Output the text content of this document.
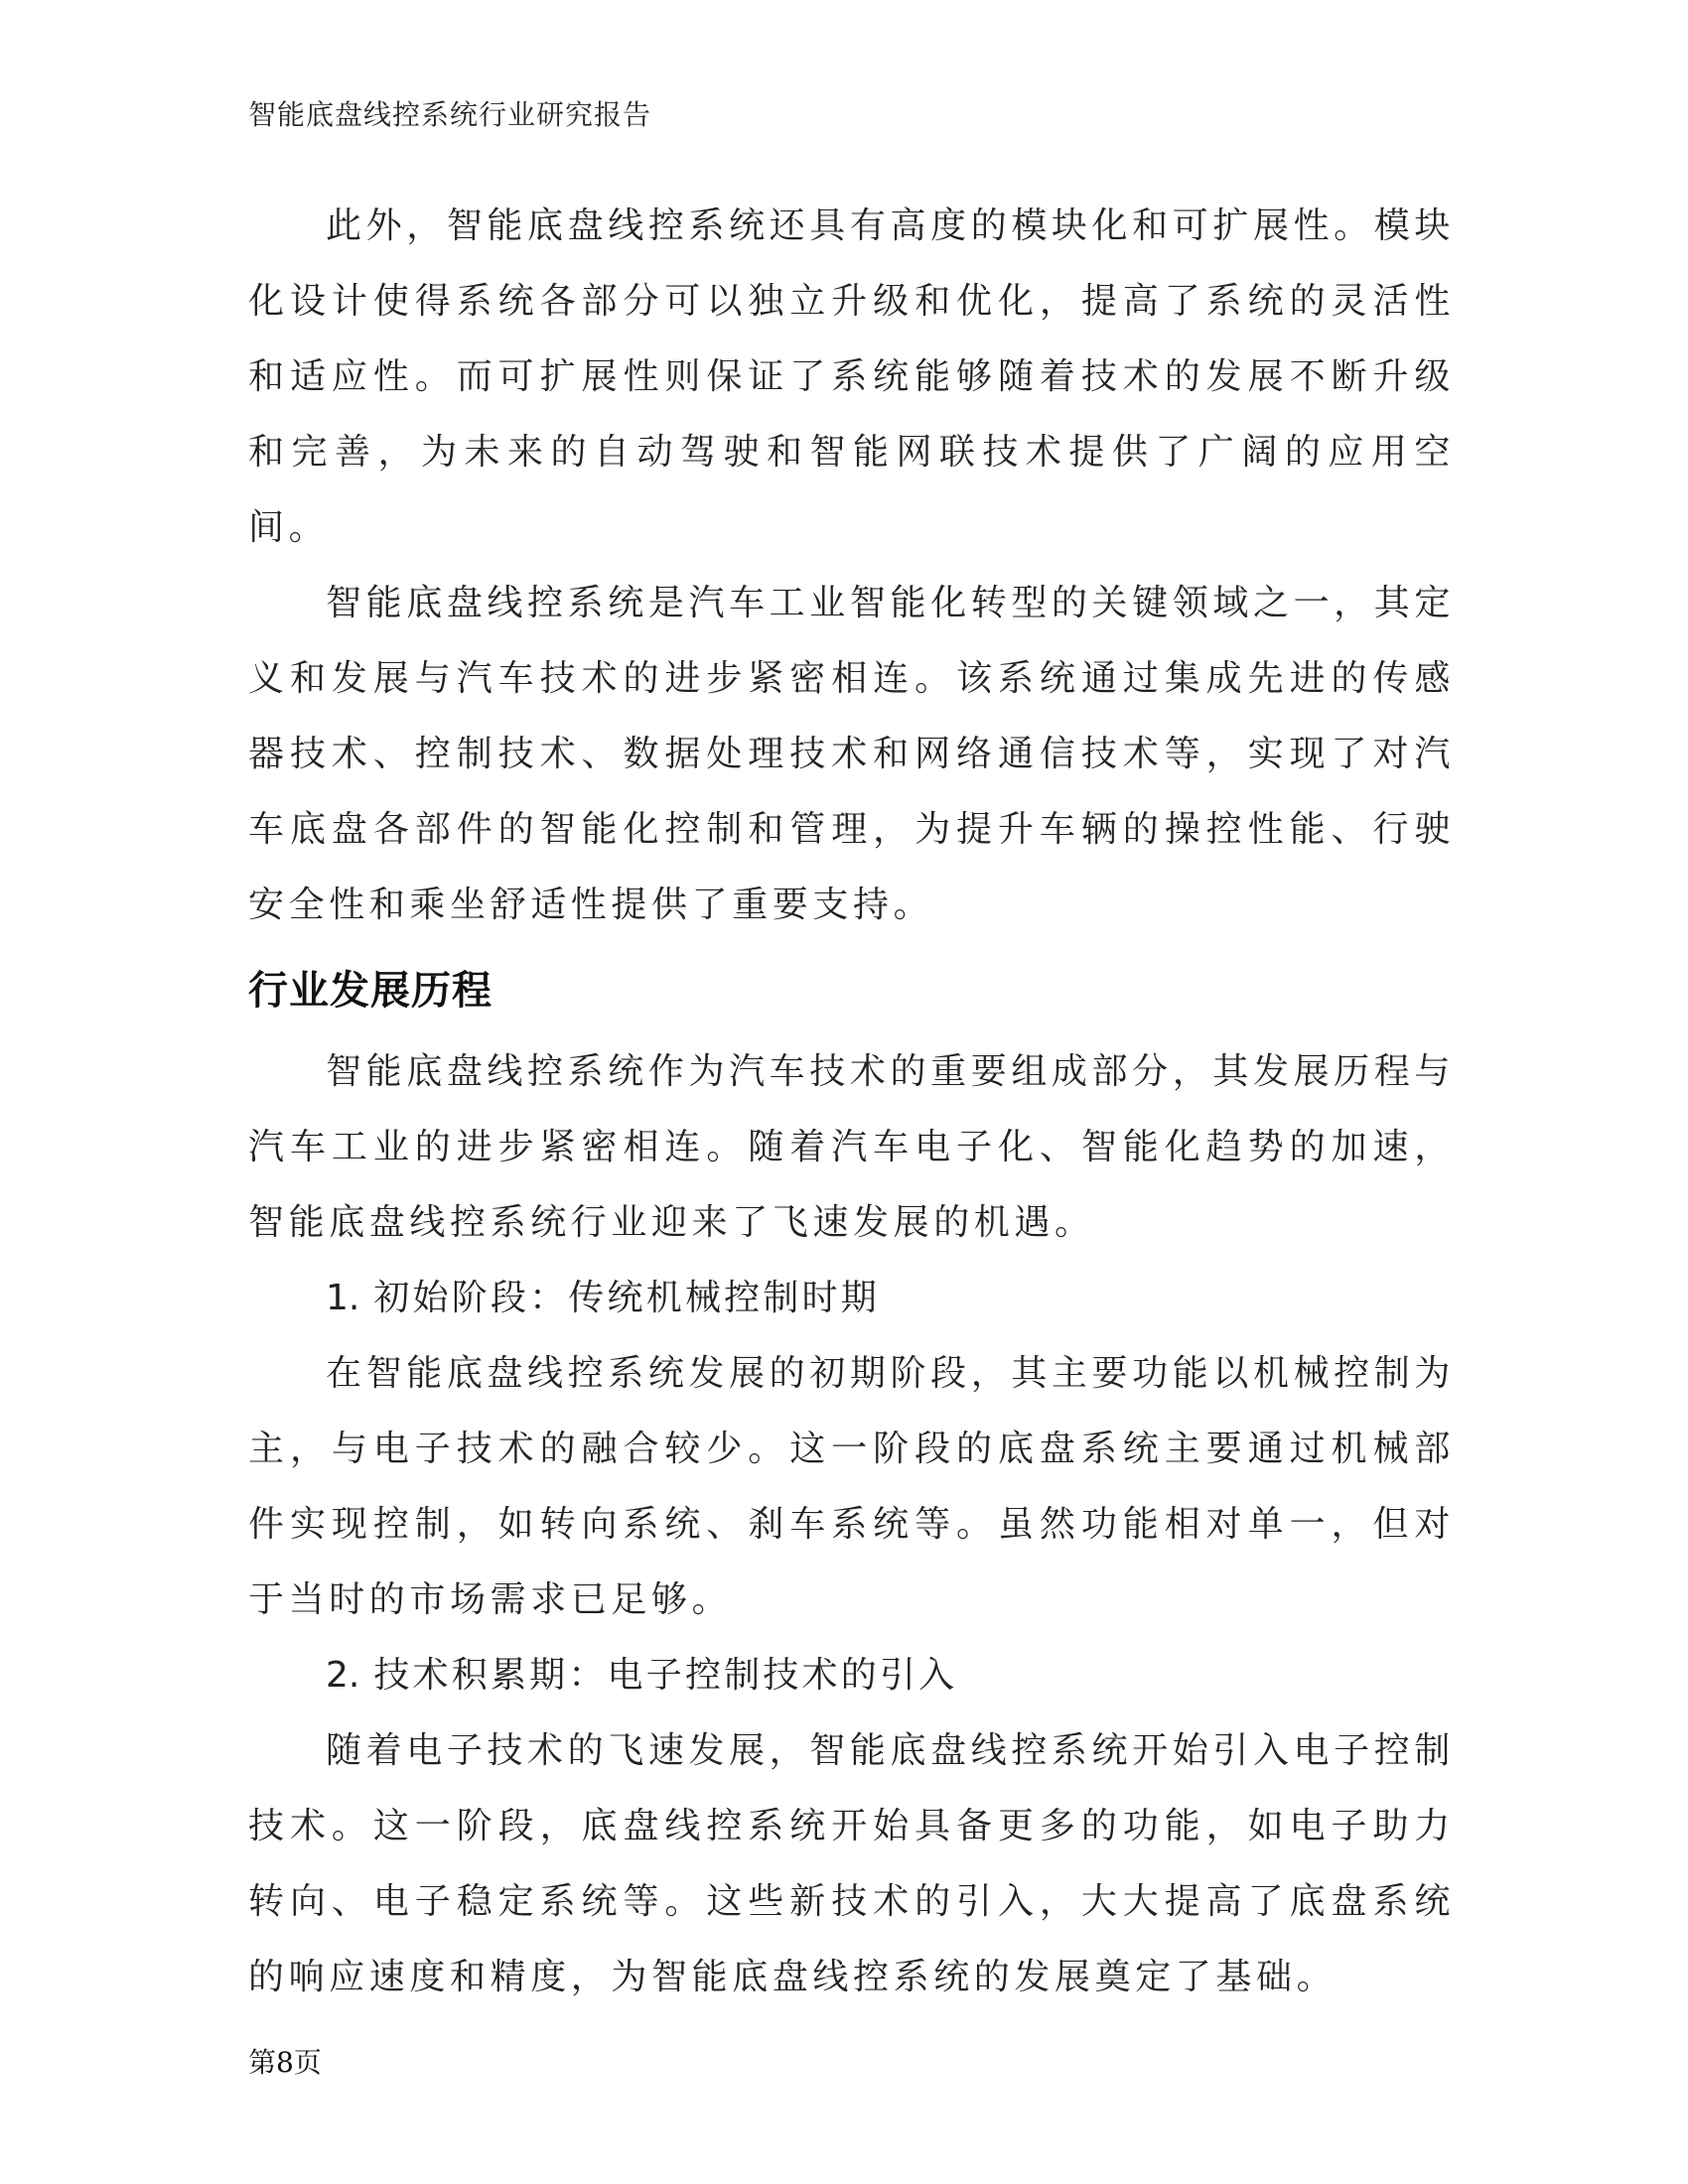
智能底盘线控系统行业研究报告

此外，智能底盘线控系统还具有高度的模块化和可扩展性。模块化设计使得系统各部分可以独立升级和优化，提高了系统的灵活性和适应性。而可扩展性则保证了系统能够随着技术的发展不断升级和完善，为未来的自动驾驶和智能网联技术提供了广阔的应用空间。

智能底盘线控系统是汽车工业智能化转型的关键领域之一，其定义和发展与汽车技术的进步紧密相连。该系统通过集成先进的传感器技术、控制技术、数据处理技术和网络通信技术等，实现了对汽车底盘各部件的智能化控制和管理，为提升车辆的操控性能、行驶安全性和乘坐舒适性提供了重要支持。

行业发展历程

智能底盘线控系统作为汽车技术的重要组成部分，其发展历程与汽车工业的进步紧密相连。随着汽车电子化、智能化趋势的加速，智能底盘线控系统行业迎来了飞速发展的机遇。

1. 初始阶段：传统机械控制时期

在智能底盘线控系统发展的初期阶段，其主要功能以机械控制为主，与电子技术的融合较少。这一阶段的底盘系统主要通过机械部件实现控制，如转向系统、刹车系统等。虽然功能相对单一，但对于当时的市场需求已足够。

2. 技术积累期：电子控制技术的引入

随着电子技术的飞速发展，智能底盘线控系统开始引入电子控制技术。这一阶段，底盘线控系统开始具备更多的功能，如电子助力转向、电子稳定系统等。这些新技术的引入，大大提高了底盘系统的响应速度和精度，为智能底盘线控系统的发展奠定了基础。

第8页
